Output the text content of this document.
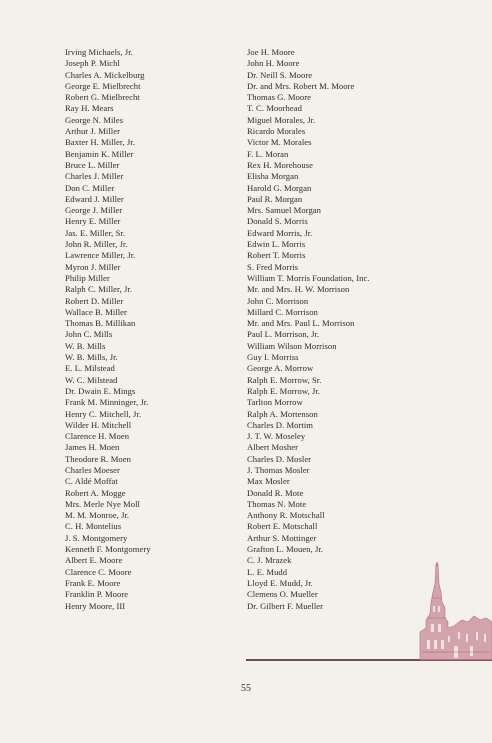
Irving Michaels, Jr.
Joseph P. Michl
Charles A. Mickelburg
George E. Mielbrecht
Robert G. Mielbrecht
Ray H. Mears
George N. Miles
Arthur J. Miller
Baxter H. Miller, Jr.
Benjamin K. Miller
Bruce L. Miller
Charles J. Miller
Don C. Miller
Edward J. Miller
George J. Miller
Henry E. Miller
Jas. E. Miller, Sr.
John R. Miller, Jr.
Lawrence Miller, Jr.
Myron J. Miller
Philip Miller
Ralph C. Miller, Jr.
Robert D. Miller
Wallace B. Miller
Thomas B. Millikan
John C. Mills
W. B. Mills
W. B. Mills, Jr.
E. L. Milstead
W. C. Milstead
Dr. Dwain E. Mings
Frank M. Minninger, Jr.
Henry C. Mitchell, Jr.
Wilder H. Mitchell
Clarence H. Moen
James H. Moen
Theodore R. Moen
Charles Moeser
C. Aldé Moffat
Robert A. Mogge
Mrs. Merle Nye Moll
M. M. Monroe, Jr.
C. H. Montelius
J. S. Montgomery
Kenneth F. Montgomery
Albert E. Moore
Clarence C. Moore
Frank E. Moore
Franklin P. Moore
Henry Moore, III
Joe H. Moore
John H. Moore
Dr. Neill S. Moore
Dr. and Mrs. Robert M. Moore
Thomas G. Moore
T. C. Moorhead
Miguel Morales, Jr.
Ricardo Morales
Victor M. Morales
F. L. Moran
Rex H. Morehouse
Elisha Morgan
Harold G. Morgan
Paul R. Morgan
Mrs. Samuel Morgan
Donald S. Morris
Edward Morris, Jr.
Edwin L. Morris
Robert T. Morris
S. Fred Morris
William T. Morris Foundation, Inc.
Mr. and Mrs. H. W. Morrison
John C. Morrison
Millard C. Morrison
Mr. and Mrs. Paul L. Morrison
Paul L. Morrison, Jr.
William Wilson Morrison
Guy I. Morriss
George A. Morrow
Ralph E. Morrow, Sr.
Ralph E. Morrow, Jr.
Tarlton Morrow
Ralph A. Mortenson
Charles D. Mortim
J. T. W. Moseley
Albert Mosher
Charles D. Mosler
J. Thomas Mosler
Max Mosler
Donald R. Mote
Thomas N. Mote
Anthony R. Motschall
Robert E. Motschall
Arthur S. Mottinger
Grafton L. Mouen, Jr.
C. J. Mrazek
L. E. Mudd
Lloyd E. Mudd, Jr.
Clemens O. Mueller
Dr. Gilbert F. Mueller
55
